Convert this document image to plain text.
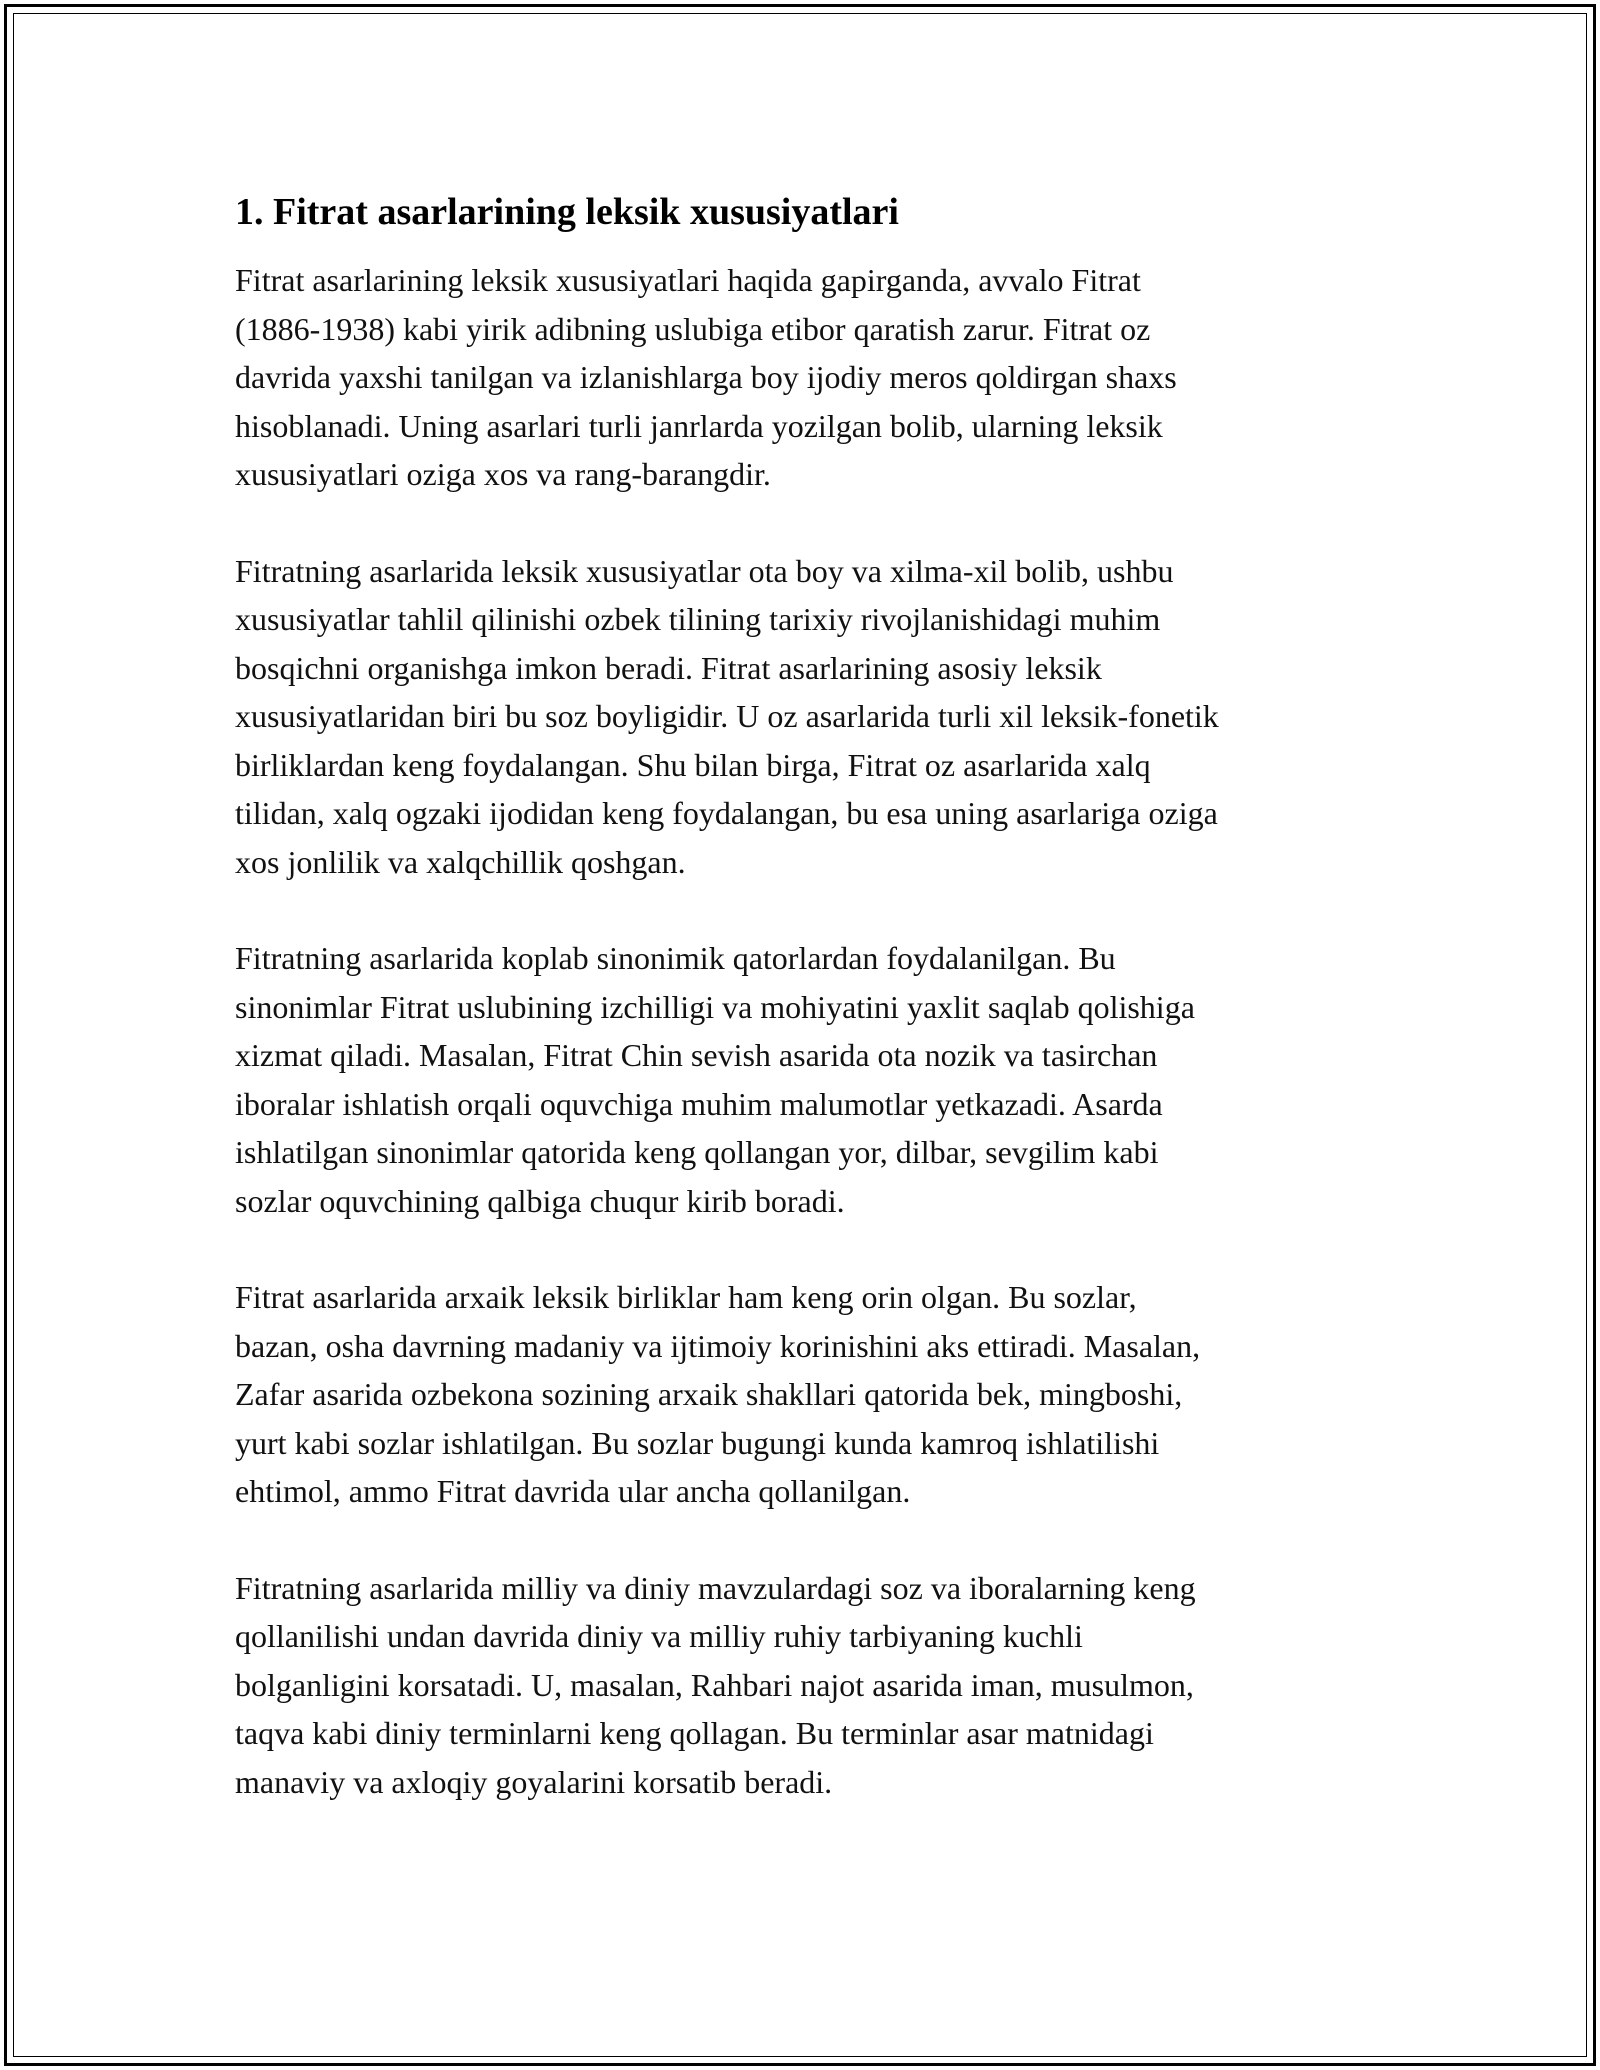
1. Fitrat asarlarining leksik xususiyatlari

Fitrat asarlarining leksik xususiyatlari haqida gapirganda, avvalo Fitrat
(1886-1938) kabi yirik adibning uslubiga etibor qaratish zarur. Fitrat oz
davrida yaxshi tanilgan va izlanishlarga boy ijodiy meros qoldirgan shaxs
hisoblanadi. Uning asarlari turli janrlarda yozilgan bolib, ularning leksik
xususiyatlari oziga xos va rang-barangdir.

Fitratning asarlarida leksik xususiyatlar ota boy va xilma-xil bolib, ushbu
xususiyatlar tahlil qilinishi ozbek tilining tarixiy rivojlanishidagi muhim
bosqichni organishga imkon beradi. Fitrat asarlarining asosiy leksik
xususiyatlaridan biri bu soz boyligidir. U oz asarlarida turli xil leksik-fonetik
birliklardan keng foydalangan. Shu bilan birga, Fitrat oz asarlarida xalq
tilidan, xalq ogzaki ijodidan keng foydalangan, bu esa uning asarlariga oziga
xos jonlilik va xalqchillik qoshgan.

Fitratning asarlarida koplab sinonimik qatorlardan foydalanilgan. Bu
sinonimlar Fitrat uslubining izchilligi va mohiyatini yaxlit saqlab qolishiga
xizmat qiladi. Masalan, Fitrat Chin sevish asarida ota nozik va tasirchan
iboralar ishlatish orqali oquvchiga muhim malumotlar yetkazadi. Asarda
ishlatilgan sinonimlar qatorida keng qollangan yor, dilbar, sevgilim kabi
sozlar oquvchining qalbiga chuqur kirib boradi.

Fitrat asarlarida arxaik leksik birliklar ham keng orin olgan. Bu sozlar,
bazan, osha davrning madaniy va ijtimoiy korinishini aks ettiradi. Masalan,
Zafar asarida ozbekona sozining arxaik shakllari qatorida bek, mingboshi,
yurt kabi sozlar ishlatilgan. Bu sozlar bugungi kunda kamroq ishlatilishi
ehtimol, ammo Fitrat davrida ular ancha qollanilgan.

Fitratning asarlarida milliy va diniy mavzulardagi soz va iboralarning keng
qollanilishi undan davrida diniy va milliy ruhiy tarbiyaning kuchli
bolganligini korsatadi. U, masalan, Rahbari najot asarida iman, musulmon,
taqva kabi diniy terminlarni keng qollagan. Bu terminlar asar matnidagi
manaviy va axloqiy goyalarini korsatib beradi.
